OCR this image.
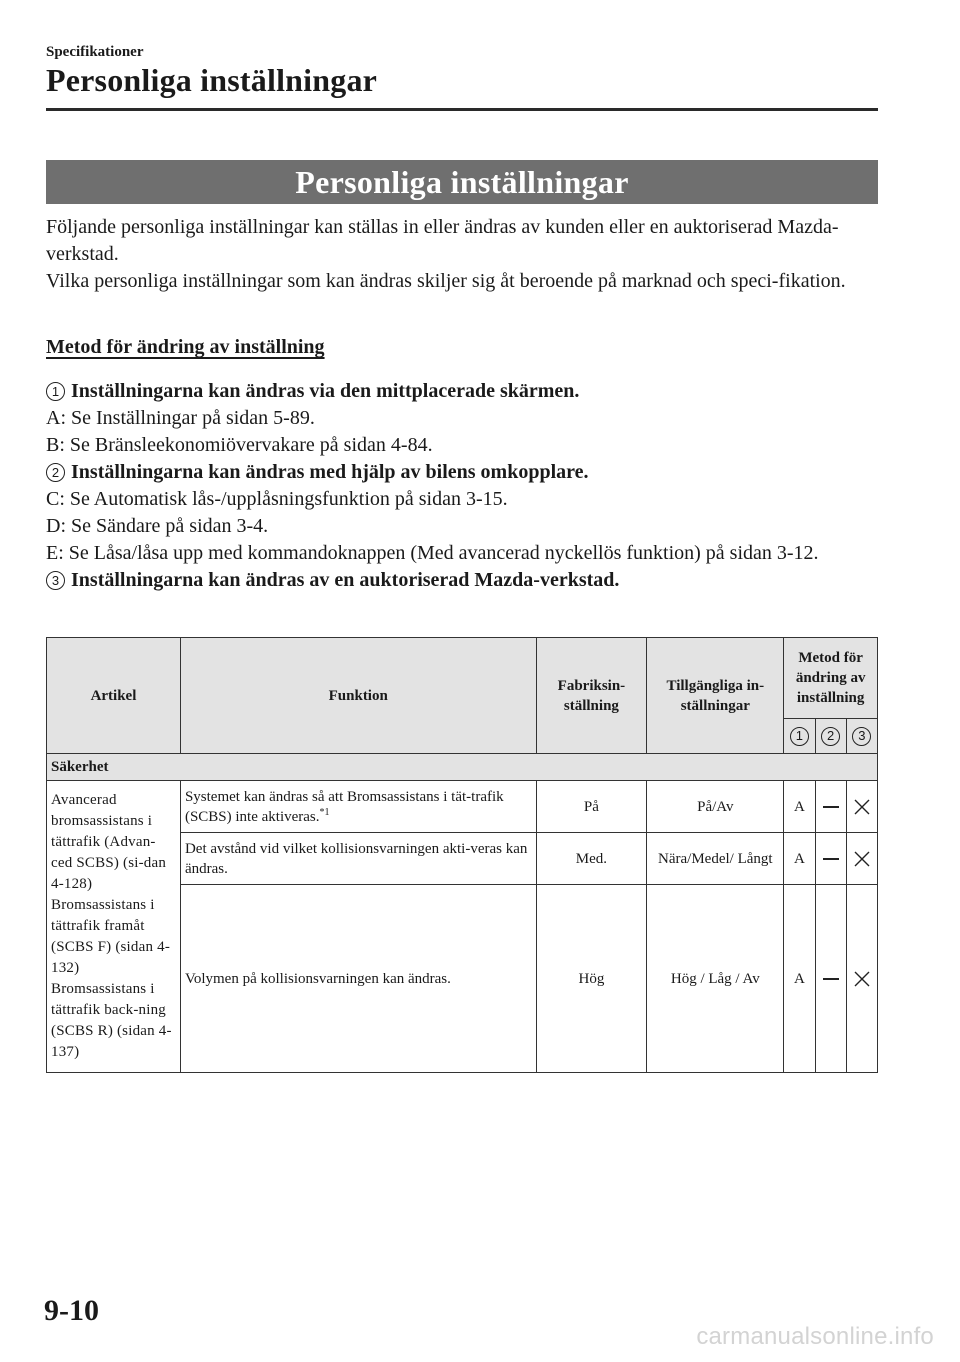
Specifikationer
Personliga inställningar
Personliga inställningar

Följande personliga inställningar kan ställas in eller ändras av kunden eller en auktoriserad Mazda-verkstad.

Vilka personliga inställningar som kan ändras skiljer sig åt beroende på marknad och speci-fikation.

Metod för ändring av inställning
1 Inställningarna kan ändras via den mittplacerade skärmen.
A: Se Inställningar på sidan 5-89.
B: Se Bränsleekonomiövervakare på sidan 4-84.
2 Inställningarna kan ändras med hjälp av bilens omkopplare.
C: Se Automatisk lås-/upplåsningsfunktion på sidan 3-15.
D: Se Sändare på sidan 3-4.
E: Se Låsa/låsa upp med kommandoknappen (Med avancerad nyckellös funktion) på sidan 3-12.
3 Inställningarna kan ändras av en auktoriserad Mazda-verkstad.
Artikel	Funktion	Fabriksin-ställning	Tillgängliga in-ställningar	Metod för ändring av inställning		
				1	2	3
Säkerhet						
Avancerad bromsassistans i tättrafik (Advan-ced SCBS) (si-dan 4-128) Bromsassistans i tättrafik framåt (SCBS F) (sidan 4-132) Bromsassistans i tättrafik back-ning (SCBS R) (sidan 4-137)	Systemet kan ändras så att Bromsassistans i tät-trafik (SCBS) inte aktiveras.$^{*1}$	På	På/Av	A		
	Det avstånd vid vilket kollisionsvarningen akti-veras kan ändras.	Med.	Nära/Medel/ Långt	A		
	Volymen på kollisionsvarningen kan ändras.	Hög	Hög / Låg / Av	A		
9-10
carmanualsonline.info
